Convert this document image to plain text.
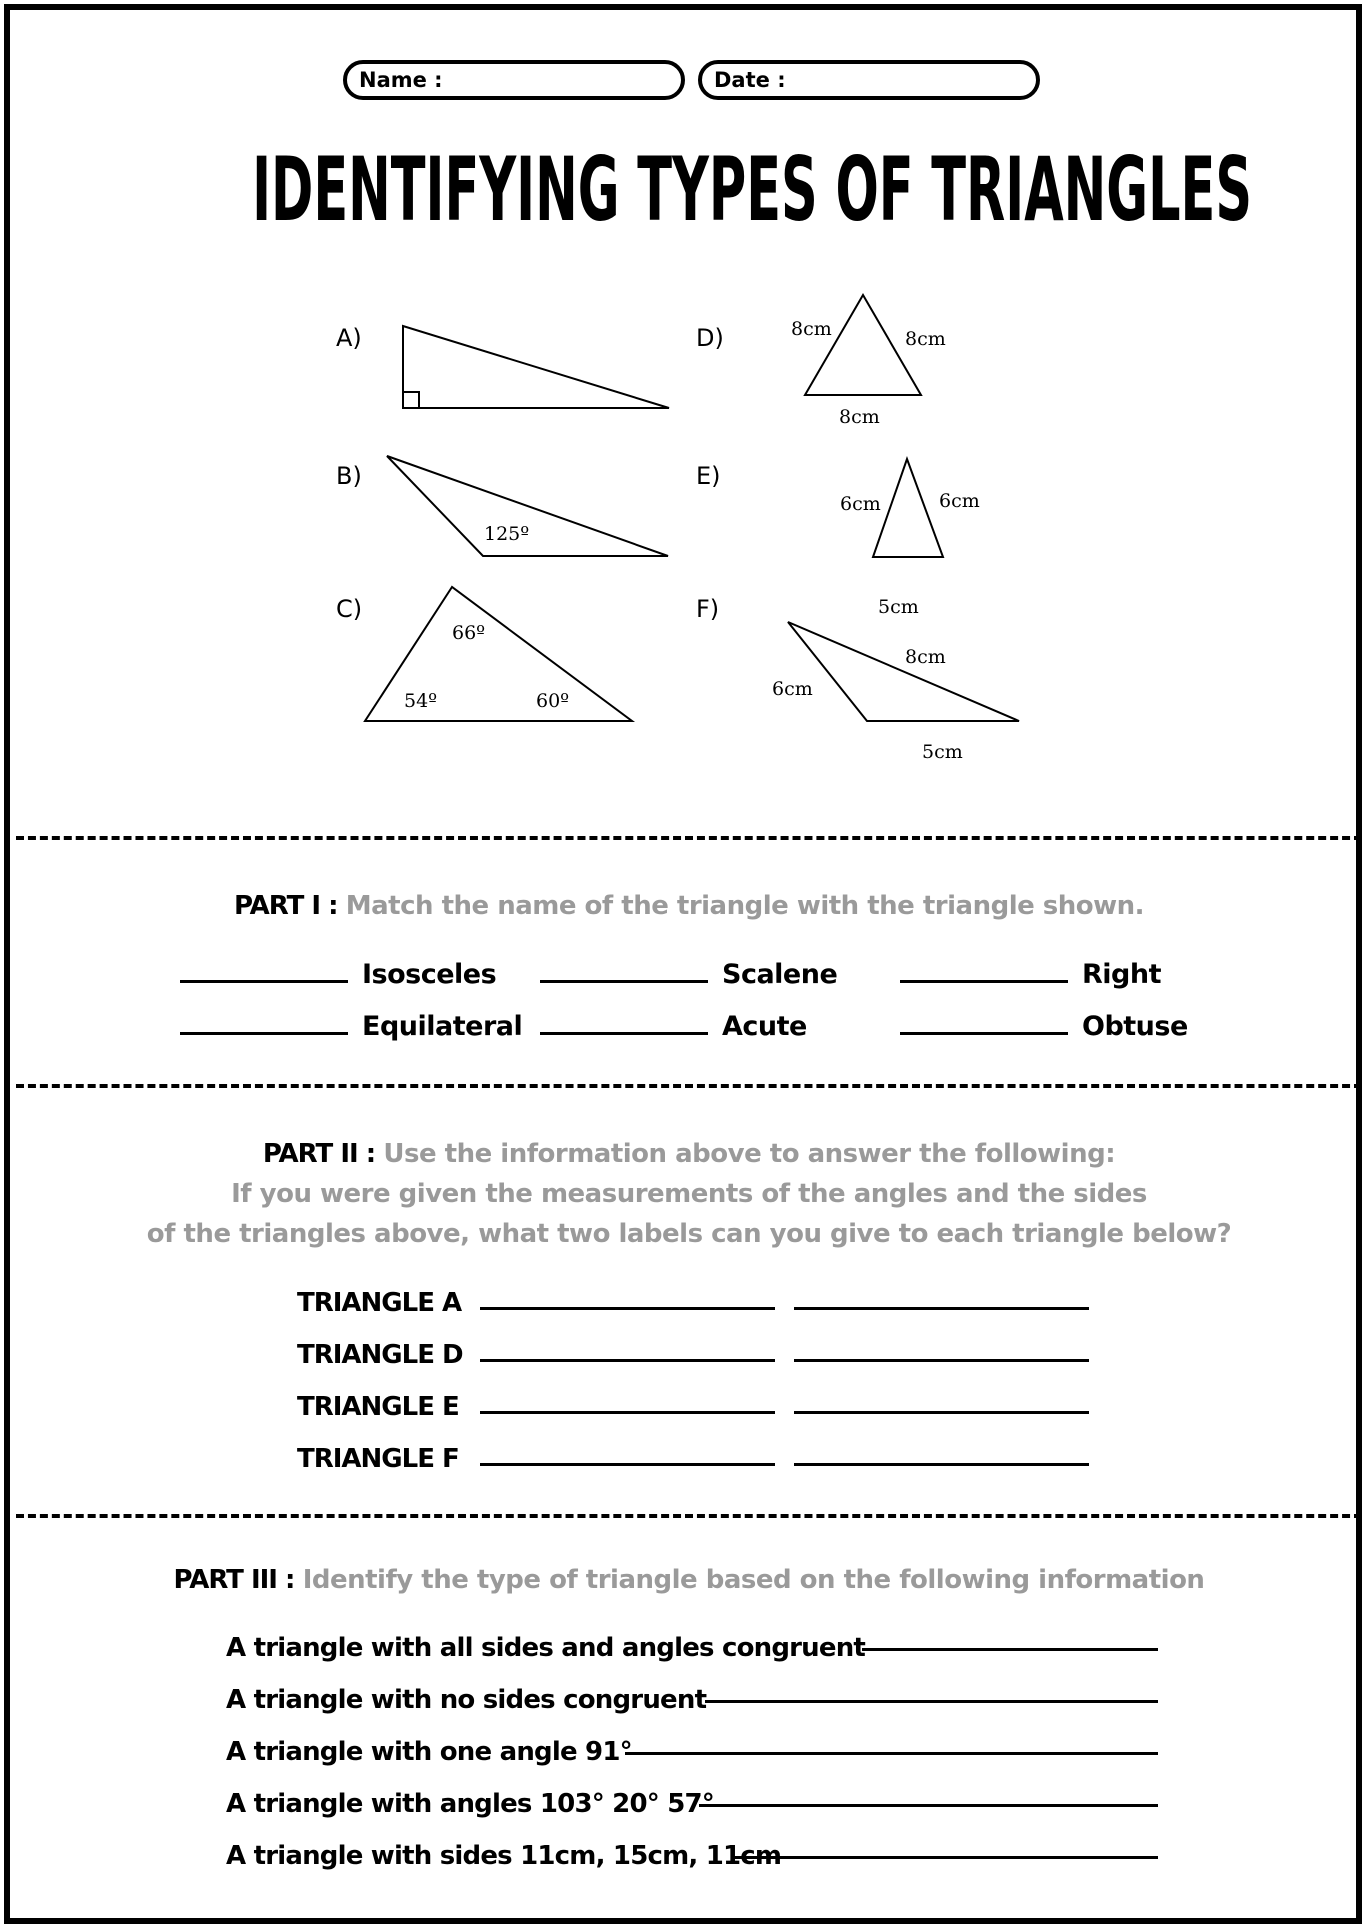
Name :	Date :
IDENTIFYING TYPES OF TRIANGLES
A)
B)
C)
D)
E)
F)
125º
66º
54º	60º
8cm	8cm
8cm
6cm	6cm
5cm
8cm
6cm
5cm
PART I : Match the name of the triangle with the triangle shown.
Isosceles	Scalene	Right
Equilateral	Acute	Obtuse
PART II : Use the information above to answer the following:
If you were given the measurements of the angles and the sides
of the triangles above, what two labels can you give to each triangle below?
TRIANGLE A
TRIANGLE D
TRIANGLE E
TRIANGLE F
PART III : Identify the type of triangle based on the following information
A triangle with all sides and angles congruent
A triangle with no sides congruent
A triangle with one angle 91°
A triangle with angles 103° 20° 57°
A triangle with sides 11cm, 15cm, 11cm
